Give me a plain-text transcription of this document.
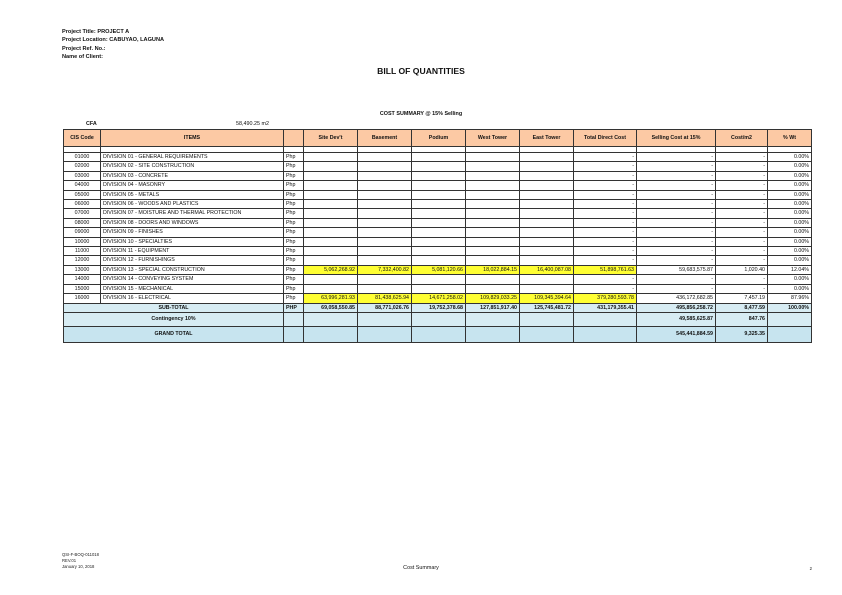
Project Title: PROJECT A
Project Location: CABUYAO, LAGUNA
Project Ref. No.:
Name of Client:
BILL OF QUANTITIES
COST SUMMARY @ 15% Selling
CFA	58,490.25 m2
CIS Code	ITEMS		Site Dev't	Basement	Podium	West Tower	East Tower	Total Direct Cost	Selling Cost at 15%	Cost/m2	% Wt

01000	DIVISION 01 - GENERAL REQUIREMENTS	Php						-	-	-	0.00%
02000	DIVISION 02 - SITE CONSTRUCTION	Php						-	-	-	0.00%
03000	DIVISION 03 - CONCRETE	Php						-	-	-	0.00%
04000	DIVISION 04 - MASONRY	Php						-	-	-	0.00%
05000	DIVISION 05 - METALS	Php						-	-	-	0.00%
06000	DIVISION 06 - WOODS AND PLASTICS	Php						-	-	-	0.00%
07000	DIVISION 07 - MOISTURE AND THERMAL PROTECTION	Php						-	-	-	0.00%
08000	DIVISION 08 - DOORS AND WINDOWS	Php						-	-	-	0.00%
09000	DIVISION 09 - FINISHES	Php						-	-	-	0.00%
10000	DIVISION 10 - SPECIALTIES	Php						-	-	-	0.00%
11000	DIVISION 11 - EQUIPMENT	Php						-	-	-	0.00%
12000	DIVISION 12 - FURNISHINGS	Php						-	-	-	0.00%
13000	DIVISION 13 - SPECIAL CONSTRUCTION	Php	5,062,268.92	7,332,400.82	5,081,120.66	18,022,884.15	16,400,087.08	51,898,761.63	59,683,575.87	1,020.40	12.04%
14000	DIVISION 14 - CONVEYING SYSTEM	Php						-	-	-	0.00%
15000	DIVISION 15 - MECHANICAL	Php						-	-	-	0.00%
16000	DIVISION 16 - ELECTRICAL	Php	63,996,281.93	81,438,625.94	14,671,258.02	109,829,033.25	109,345,394.64	379,280,593.78	436,172,682.85	7,457.19	87.96%
SUB-TOTAL		PHP	69,058,550.85	88,771,026.76	19,752,378.68	127,851,917.40	125,745,481.72	431,179,355.41	495,856,258.72	8,477.59	100.00%
Contingency 10%									49,585,625.87	847.76	
GRAND TOTAL									545,441,884.59	9,325.35	
QSI-F-BOQ-011018
REV.01
January 10, 2018	Cost Summary	2
